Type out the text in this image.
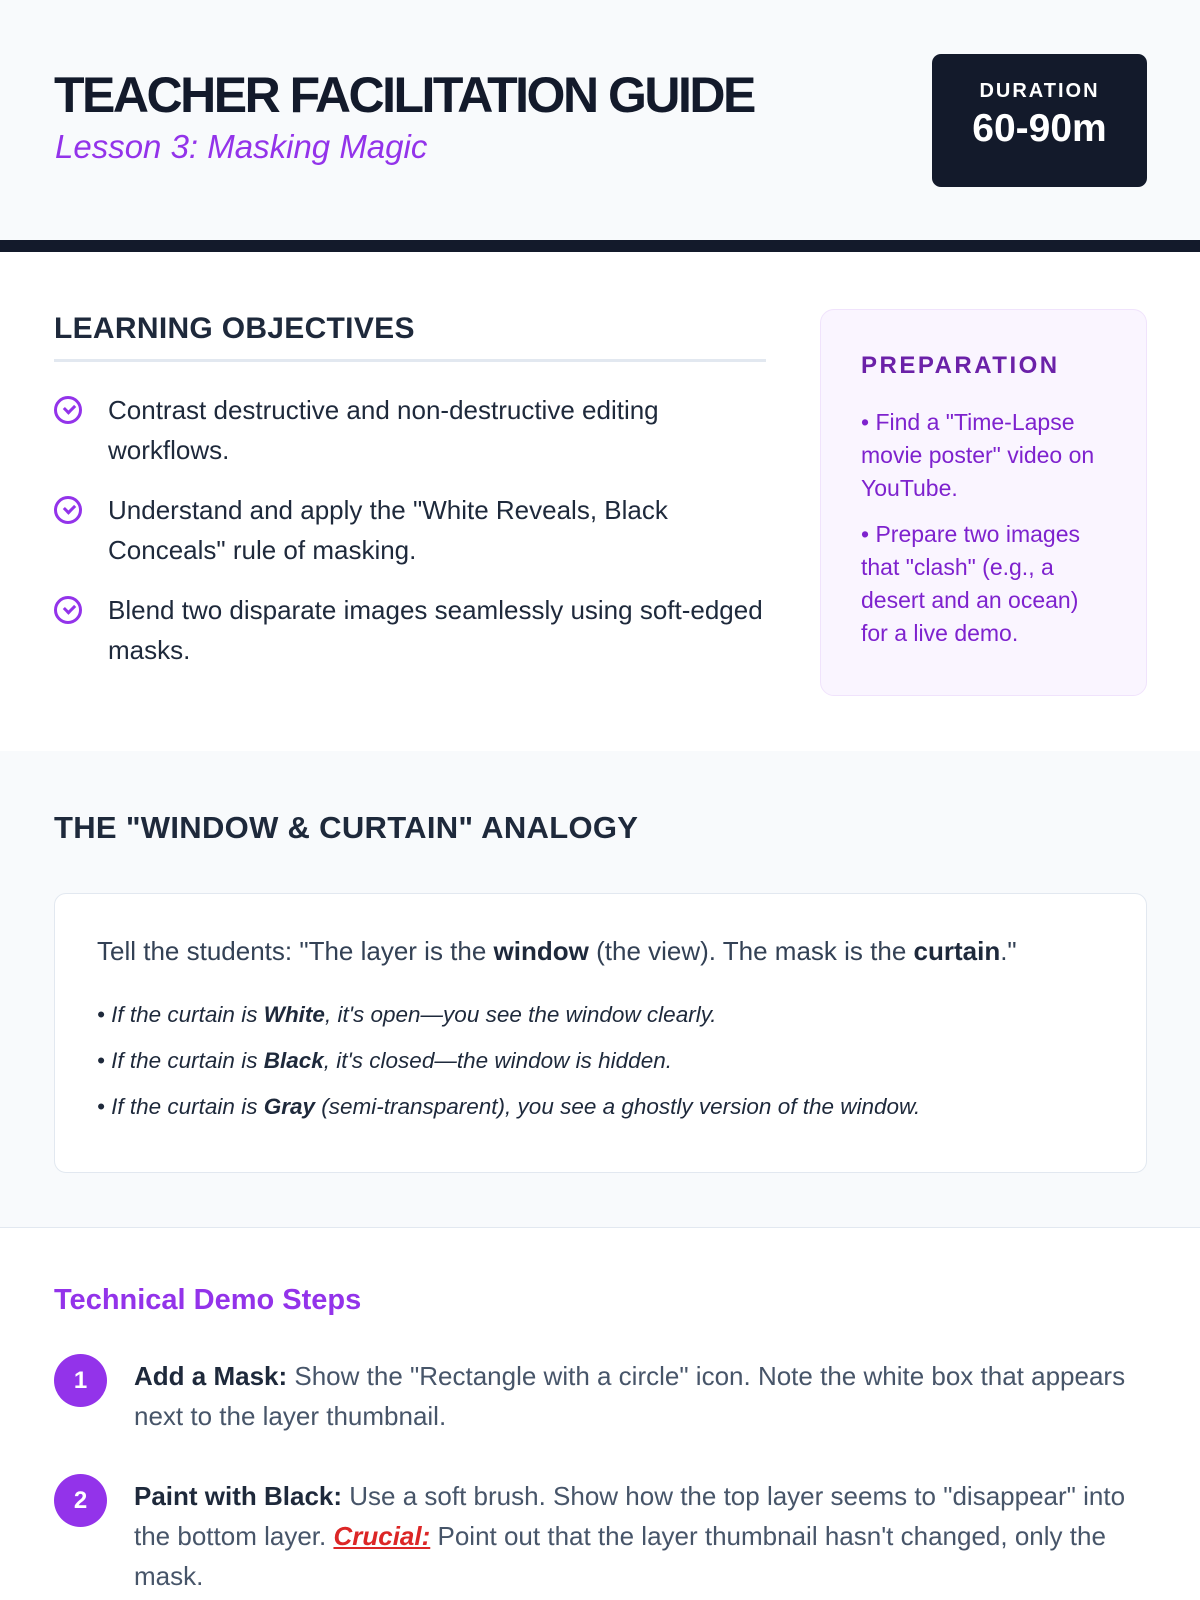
TEACHER FACILITATION GUIDE
Lesson 3: Masking Magic
DURATION
60-90m
LEARNING OBJECTIVES
Contrast destructive and non-destructive editing workflows.
Understand and apply the "White Reveals, Black Conceals" rule of masking.
Blend two disparate images seamlessly using soft-edged masks.
PREPARATION
• Find a "Time-Lapse movie poster" video on YouTube.
• Prepare two images that "clash" (e.g., a desert and an ocean) for a live demo.
THE "WINDOW & CURTAIN" ANALOGY
Tell the students: "The layer is the window (the view). The mask is the curtain."
• If the curtain is White, it's open—you see the window clearly.
• If the curtain is Black, it's closed—the window is hidden.
• If the curtain is Gray (semi-transparent), you see a ghostly version of the window.
Technical Demo Steps
1	Add a Mask: Show the "Rectangle with a circle" icon. Note the white box that appears next to the layer thumbnail.
2	Paint with Black: Use a soft brush. Show how the top layer seems to "disappear" into the bottom layer. Crucial: Point out that the layer thumbnail hasn't changed, only the mask.
